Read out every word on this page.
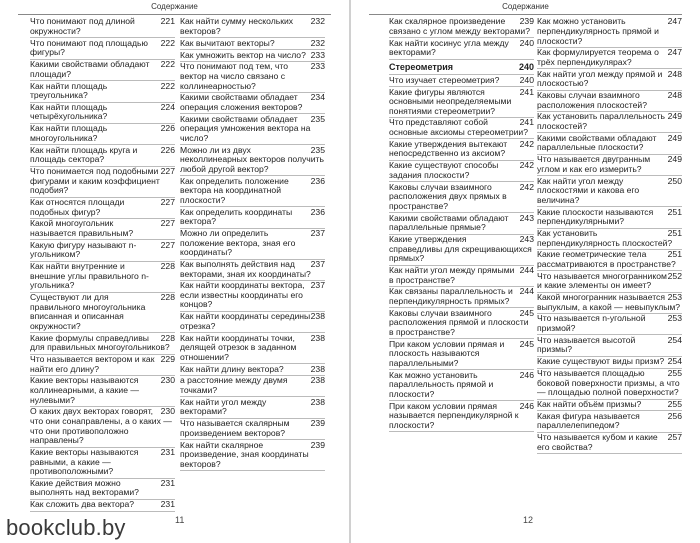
Содержание
221
Что понимают под длиной окружности?
222
Что понимают под площадью фигуры?
222
Какими свойствами обладают площади?
222
Как найти площадь треугольника?
224
Как найти площадь четырёхугольника?
226
Как найти площадь многоугольника?
226
Как найти площадь круга и площадь сектора?
227
Что понимается под подобными фигурами и каким коэффициент подобия?
227
Как относятся площади подобных фигур?
227
Какой многоугольник называется правильным?
227
Какую фигуру называют n-угольником?
228
Как найти внутренние и внешние углы правильного n-угольника?
228
Существуют ли для правильного многоугольника вписанная и описанная окружности?
228
Какие формулы справедливы для правильных многоугольников?
229
Что называется вектором и как найти его длину?
230
Какие векторы называются коллинеарными, а какие — нулевыми?
230
О каких двух векторах говорят, что они сонаправлены, а о каких — что они противоположно направлены?
231
Какие векторы называются равными, а какие — противоположными?
231
Какие действия можно выполнять над векторами?
231
Как сложить два вектора?
232
Как найти сумму нескольких векторов?
232
Как вычитают векторы?
233
Как умножить вектор на число?
233
Что понимают под тем, что вектор на число связано с коллинеарностью?
234
Какими свойствами обладает операция сложения векторов?
235
Какими свойствами обладает операция умножения вектора на число?
235
Можно ли из двух неколлинеарных векторов получить любой другой вектор?
236
Как определить положение вектора на координатной плоскости?
236
Как определить координаты вектора?
237
Можно ли определить положение вектора, зная его координаты?
237
Как выполнять действия над векторами, зная их координаты?
237
Как найти координаты вектора, если известны координаты его концов?
238
Как найти координаты середины отрезка?
238
Как найти координаты точки, делящей отрезок в заданном отношении?
238
Как найти длину вектора?
238
а расстояние между двумя точками?
238
Как найти угол между векторами?
239
Что называется скалярным произведением векторов?
239
Как найти скалярное произведение, зная координаты векторов?
11
bookclub.by
Содержание
239
Как скалярное произведение связано с углом между векторами?
240
Как найти косинус угла между векторами?
240
Стереометрия
240
Что изучает стереометрия?
241
Какие фигуры являются основными неопределяемыми понятиями стереометрии?
241
Что представляют собой основные аксиомы стереометрии?
242
Какие утверждения вытекают непосредственно из аксиом?
242
Какие существуют способы задания плоскости?
242
Каковы случаи взаимного расположения двух прямых в пространстве?
243
Какими свойствами обладают параллельные прямые?
243
Какие утверждения справедливы для скрещивающихся прямых?
244
Как найти угол между прямыми в пространстве?
244
Как связаны параллельность и перпендикулярность прямых?
245
Каковы случаи взаимного расположения прямой и плоскости в пространстве?
245
При каком условии прямая и плоскость называются параллельными?
246
Как можно установить параллельность прямой и плоскости?
246
При каком условии прямая называется перпендикулярной к плоскости?
247
Как можно установить перпендикулярность прямой и плоскости?
247
Как формулируется теорема о трёх перпендикулярах?
248
Как найти угол между прямой и плоскостью?
248
Каковы случаи взаимного расположения плоскостей?
249
Как установить параллельность плоскостей?
249
Какими свойствами обладают параллельные плоскости?
249
Что называется двугранным углом и как его измерить?
250
Как найти угол между плоскостями и какова его величина?
251
Какие плоскости называются перпендикулярными?
251
Как установить перпендикулярность плоскостей?
251
Какие геометрические тела рассматриваются в пространстве?
252
Что называется многогранником и какие элементы он имеет?
253
Какой многогранник называется выпуклым, а какой — невыпуклым?
253
Что называется n-угольной призмой?
254
Что называется высотой призмы?
254
Какие существуют виды призм?
255
Что называется площадью боковой поверхности призмы, а что — площадью полной поверхности?
255
Как найти объём призмы?
256
Какая фигура называется параллелепипедом?
257
Что называется кубом и какие его свойства?
12
